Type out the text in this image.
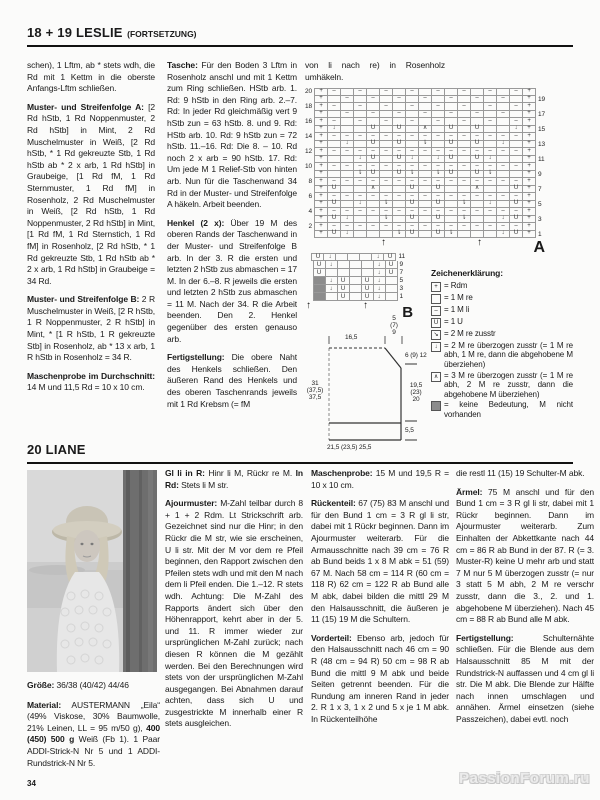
18 + 19 LESLIE (FORTSETZUNG)

schen), 1 Lftm, ab * stets wdh, die Rd mit 1 Kettm in die oberste Anfangs-Lftm schließen.

Muster- und Streifenfolge A: [2 Rd hStb, 1 Rd Noppenmuster, 2 Rd hStb] in Mint, 2 Rd Muschelmuster in Weiß, [2 Rd hStb, * 1 Rd gekreuzte Stb, 1 Rd hStb ab * 2 x arb, 1 Rd hStb] in Graubeige, [1 Rd fM, 1 Rd Sternmuster, 1 Rd fM] in Rosenholz, 2 Rd Muschelmuster in Weiß, [2 Rd hStb, 1 Rd Noppenmuster, 2 Rd hStb] in Mint, [1 Rd fM, 1 Rd Sternstich, 1 Rd fM] in Rosenholz, [2 Rd hStb, * 1 Rd gekreuzte Stb, 1 Rd hStb ab * 2 x arb, 1 Rd hStb] in Graubeige = 34 Rd.

Muster- und Streifenfolge B: 2 R Muschelmuster in Weiß, [2 R hStb, 1 R Noppenmuster, 2 R hStb] in Mint, * [1 R hStb, 1 R gekreuzte Stb] in Rosenholz, ab * 13 x arb, 1 R hStb in Rosenholz = 34 R.

Maschenprobe im Durchschnitt: 14 M und 11,5 Rd = 10 x 10 cm.

Tasche: Für den Boden 3 Lftm in Rosenholz anschl und mit 1 Kettm zum Ring schließen. HStb arb. 1. Rd: 9 hStb in den Ring arb. 2.–7. Rd: In jeder Rd gleichmäßig vert 9 hStb zun = 63 hStb. 8. und 9. Rd: HStb arb. 10. Rd: 9 hStb zun = 72 hStb. 11.–16. Rd: Die 8. – 10. Rd noch 2 x arb = 90 hStb. 17. Rd: Um jede M 1 Relief-Stb von hinten arb. Nun für die Taschenwand 34 Rd in der Muster- und Streifenfolge A häkeln. Arbeit beenden.

Henkel (2 x): Über 19 M des oberen Rands der Taschenwand in der Muster- und Streifenfolge B arb. In der 3. R die ersten und letzten 2 hStb zus abmaschen = 17 M. In der 6.–8. R jeweils die ersten und letzten 2 hStb zus abmaschen = 11 M. Nach der 34. R die Arbeit beenden. Den 2. Henkel gegenüber des ersten genauso arb.

Fertigstellung: Die obere Naht des Henkels schließen. Den äußeren Rand des Henkels und des oberen Taschenrands jeweils mit 1 Rd Krebsm (= fM

von li nach re) in Rosenholz umhäkeln.

20	+	–	–	–	–	–	–	–	–	+
+	–	–	–	–	–	–	–	+	19
18	+	–	–	–	–	–	–	–	–	+
+	–	–	–	–	–	–	–	+	17
16	+	–	–	–	–	–	–	–	–	+
+	↓	U	U	∧	U	U	↓	+	15
14	+	–	–	–	–	–	–	–	–	–	–	–	–	–	–	–	+
+	↓	U	U	⇂	U	U	↓	+	13
12	+	–	–	–	–	–	–	–	–	–	–	–	–	–	–	–	+
+	↓	U	U	↓	↓	U	U	↓	+	11
10	+	–	–	–	–	–	–	–	–	–	–	–	–	–	–	–	+
+	⇂	U	U	⇂	⇂	U	U	⇂	+	9
8	+	–	–	–	–	–	–	–	–	–	–	–	–	–	–	–	+
+	U	∧	U	U	∧	U	+	7
6	+	–	–	–	–	–	–	–	–	–	–	–	–	–	–	–	+
+	U	↓	⇂	U	U	⇂	↓	U	+	5
4	+	–	–	–	–	–	–	–	–	–	–	–	–	–	–	–	+
+	U	↓	⇂	U	U	⇂	↓	U	+	3
2	+	–	–	–	–	–	–	–	–	–	–	–	–	–	–	–	+
+	U	↓	⇂	U	U	⇂	↓	U	+	1
A
↑	↑
U	↓	↓	U 11
U	↓	↓	U 9
U	↓	U 7
↓	U	U	↓	5
↓	U	U	↓	3
U	U	↓	1
B
↑	↑
16,5
5
(7)
9
6 (9) 12
19,5
(23)
20
5,5
31
(37,5)
37,5
21,5 (23,5) 25,5
Zeichenerklärung:
+ = Rdm
= 1 M re
– = 1 M li
U = 1 U
↘ = 2 M re zusstr
↓ = 2 M re überzogen zusstr (= 1 M re abh, 1 M re, dann die abgehobene M überziehen)
∧ = 3 M re überzogen zusstr (= 1 M re abh, 2 M re zusstr, dann die abgehobene M überziehen)
= keine Bedeutung, M nicht vorhanden
20 LIANE

Größe: 36/38 (40/42) 44/46

Material: AUSTERMANN „Eila“ (49% Viskose, 30% Baumwolle, 21% Leinen, LL = 95 m/50 g), 400 (450) 500 g Weiß (Fb 1). 1 Paar ADDI-Strick-N Nr 5 und 1 ADDI-Rundstrick-N Nr 5.

Gl li in R: Hinr li M, Rückr re M. In Rd: Stets li M str.

Ajourmuster: M-Zahl teilbar durch 8 + 1 + 2 Rdm. Lt Strickschrift arb. Gezeichnet sind nur die Hinr; in den Rückr die M str, wie sie erscheinen, U li str. Mit der M vor dem re Pfeil beginnen, den Rapport zwischen den Pfeilen stets wdh und mit den M nach dem li Pfeil enden. Die 1.–12. R stets wdh. Achtung: Die M-Zahl des Rapports ändert sich über den Höhenrapport, kehrt aber in der 5. und 11. R immer wieder zur ursprünglichen M-Zahl zurück; nach diesen R können die M gezählt werden. Bei den Berechnungen wird stets von der ursprünglichen M-Zahl ausgegangen. Bei Abnahmen darauf achten, dass sich U und zusgestrickte M innerhalb einer R stets ausgleichen.

Maschenprobe: 15 M und 19,5 R = 10 x 10 cm.

Rückenteil: 67 (75) 83 M anschl und für den Bund 1 cm = 3 R gl li str, dabei mit 1 Rückr beginnen. Dann im Ajourmuster weiterarb. Für die Armausschnitte nach 39 cm = 76 R ab Bund beids 1 x 8 M abk = 51 (59) 67 M. Nach 58 cm = 114 R (60 cm = 118 R) 62 cm = 122 R ab Bund alle M abk, dabei bilden die mittl 29 M den Halsausschnitt, die äußeren je 11 (15) 19 M die Schultern.

Vorderteil: Ebenso arb, jedoch für den Halsausschnitt nach 46 cm = 90 R (48 cm = 94 R) 50 cm = 98 R ab Bund die mittl 9 M abk und beide Seiten getrennt beenden. Für die Rundung am inneren Rand in jeder 2. R 1 x 3, 1 x 2 und 5 x je 1 M abk. In Rückenteilhöhe

die restl 11 (15) 19 Schulter-M abk.

Ärmel: 75 M anschl und für den Bund 1 cm = 3 R gl li str, dabei mit 1 Rückr beginnen. Dann im Ajourmuster weiterarb. Zum Einhalten der Abkettkante nach 44 cm = 86 R ab Bund in der 87. R (= 3. Muster-R) keine U mehr arb und statt 7 M nur 5 M überzogen zusstr (= nur 3 statt 5 M abh, 2 M re verschr zusstr, dann die 3., 2. und 1. abgehobene M überziehen). Nach 45 cm = 88 R ab Bund alle M abk.

Fertigstellung:	Schulternähte schließen. Für die Blende aus dem Halsausschnitt 85 M mit der Rundstrick-N auffassen und 4 cm gl li str. Die M abk. Die Blende zur Hälfte nach innen umschlagen und annähen. Ärmel einsetzen (siehe Passzeichen), dabei evtl. noch

34	PassionForum.ru
